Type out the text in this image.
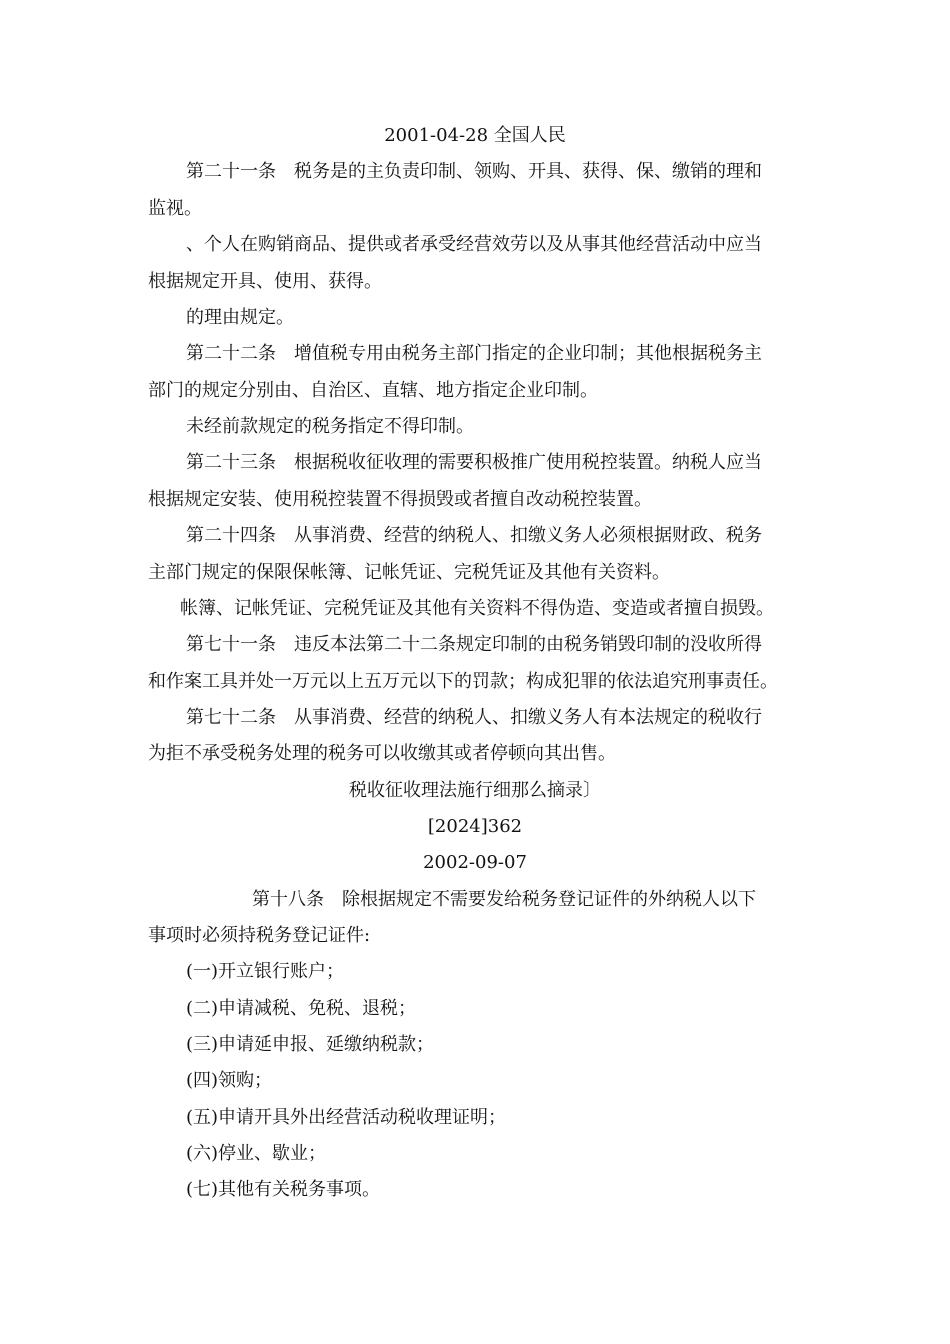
2001-04-28 全国人民
第二十一条　税务是的主负责印制、领购、开具、获得、保、缴销的理和
监视。
、个人在购销商品、提供或者承受经营效劳以及从事其他经营活动中应当
根据规定开具、使用、获得。
的理由规定。
第二十二条　增值税专用由税务主部门指定的企业印制；其他根据税务主
部门的规定分别由、自治区、直辖、地方指定企业印制。
未经前款规定的税务指定不得印制。
第二十三条　根据税收征收理的需要积极推广使用税控装置。纳税人应当
根据规定安装、使用税控装置不得损毁或者擅自改动税控装置。
第二十四条　从事消费、经营的纳税人、扣缴义务人必须根据财政、税务
主部门规定的保限保帐簿、记帐凭证、完税凭证及其他有关资料。
帐簿、记帐凭证、完税凭证及其他有关资料不得伪造、变造或者擅自损毁。
第七十一条　违反本法第二十二条规定印制的由税务销毁印制的没收所得
和作案工具并处一万元以上五万元以下的罚款；构成犯罪的依法追究刑事责任。
第七十二条　从事消费、经营的纳税人、扣缴义务人有本法规定的税收行
为拒不承受税务处理的税务可以收缴其或者停顿向其出售。
税收征收理法施行细那么摘录〕
[2024]362
2002-09-07
第十八条　除根据规定不需要发给税务登记证件的外纳税人以下
事项时必须持税务登记证件:
(一)开立银行账户；
(二)申请减税、免税、退税；
(三)申请延申报、延缴纳税款；
(四)领购；
(五)申请开具外出经营活动税收理证明；
(六)停业、歇业；
(七)其他有关税务事项。
